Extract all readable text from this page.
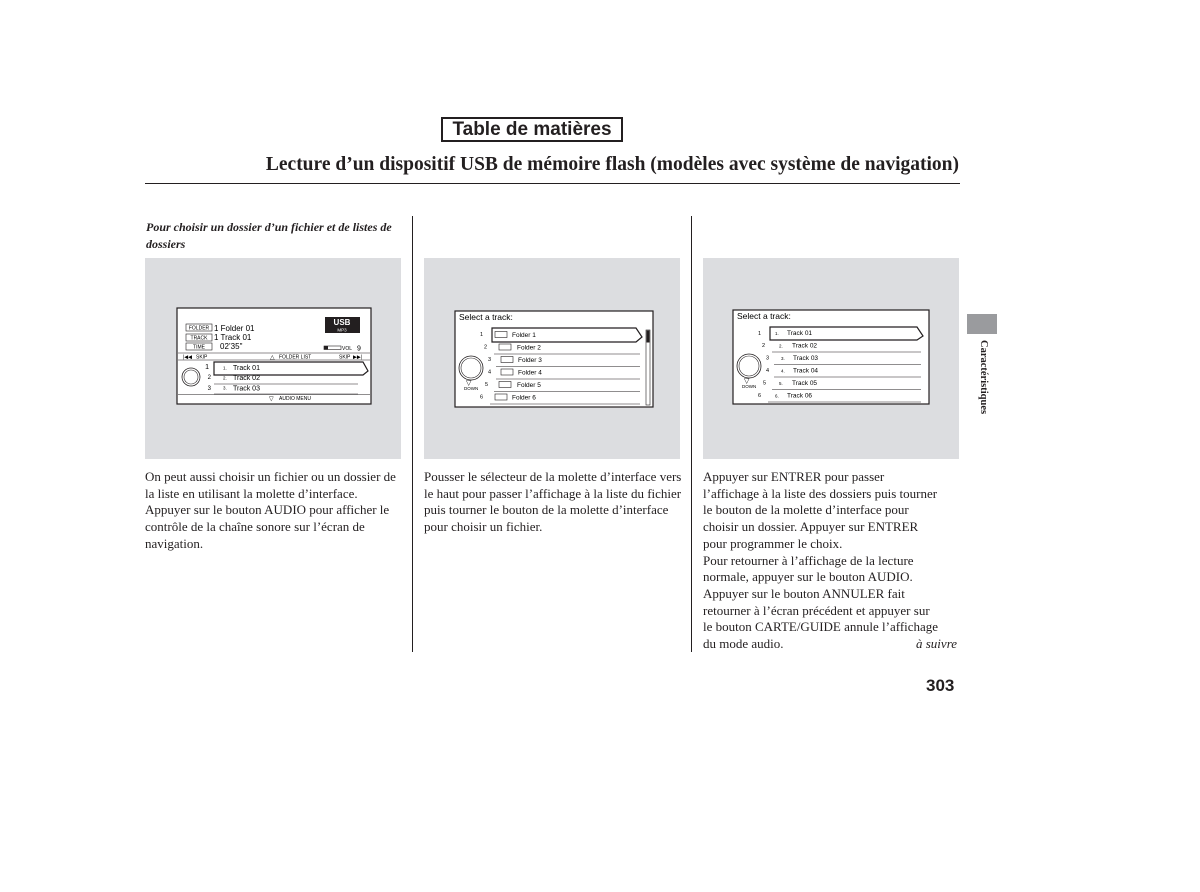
Table de matières
Lecture d’un dispositif USB de mémoire flash (modèles avec système de navigation)
Pour choisir un dossier d’un fichier et de listes de dossiers
FOLDER
TRACK
TIME
1 Folder 01
1 Track 01
02’35"
USB
MP3
VOL 9
|◀◀ SKIP	△ FOLDER LIST	SKIP ▶▶|
1
2
3
1.
2.
3.
Track 01
Track 02
Track 03
▽ AUDIO MENU
Select a track:
▽
DOWN
1
2
3
4
5
6
Folder 1
Folder 2
Folder 3
Folder 4
Folder 5
Folder 6
Select a track:
▽
DOWN
1
2
3
4
5
6
1.
2.
3.
4.
5.
6.
Track 01
Track 02
Track 03
Track 04
Track 05
Track 06
On peut aussi choisir un fichier ou un dossier de la liste en utilisant la molette d’interface. Appuyer sur le bouton AUDIO pour afficher le contrôle de la chaîne sonore sur l’écran de navigation.
Pousser le sélecteur de la molette d’interface vers le haut pour passer l’affichage à la liste du fichier puis tourner le bouton de la molette d’interface pour choisir un fichier.
Appuyer sur ENTRER pour passer
l’affichage à la liste des dossiers puis tourner
le bouton de la molette d’interface pour
choisir un dossier. Appuyer sur ENTRER
pour programmer le choix.
Pour retourner à l’affichage de la lecture
normale, appuyer sur le bouton AUDIO.
Appuyer sur le bouton ANNULER fait
retourner à l’écran précédent et appuyer sur
le bouton CARTE/GUIDE annule l’affichage
du mode audio.	à suivre
303
Caractéristiques
